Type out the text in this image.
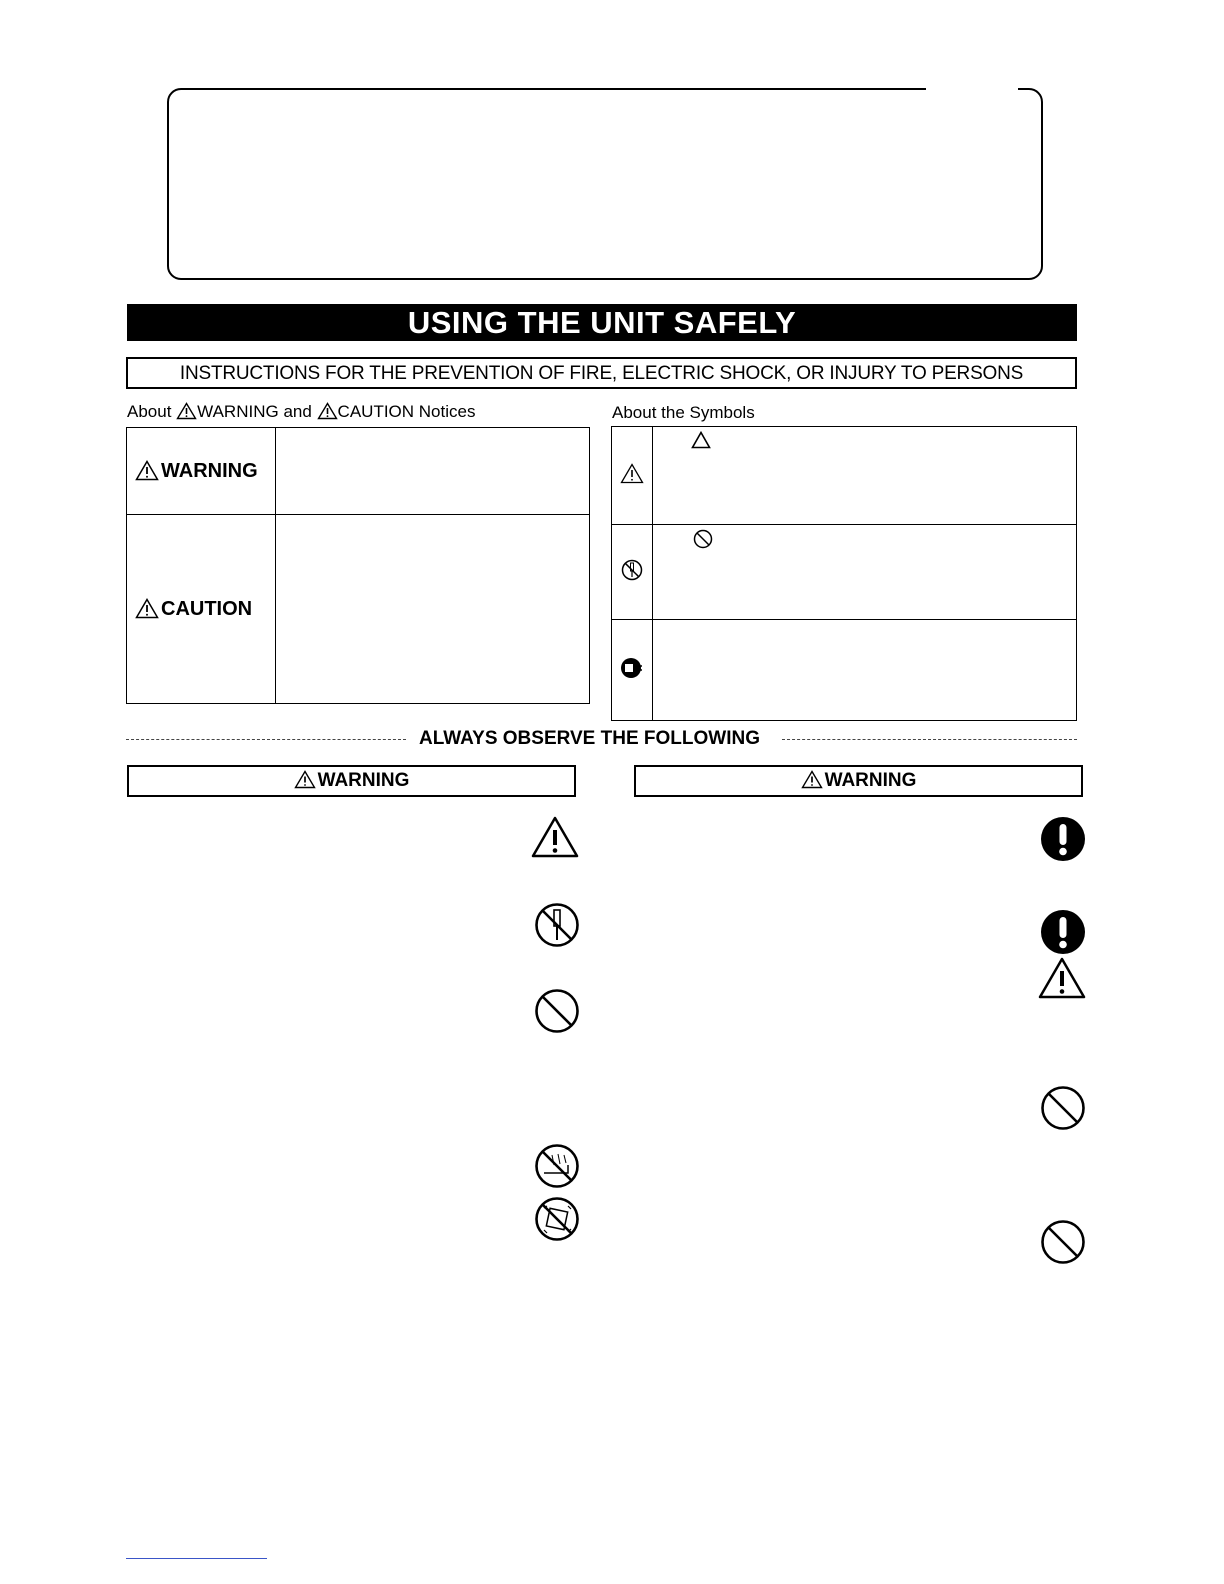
USING THE UNIT SAFELY
INSTRUCTIONS FOR THE PREVENTION OF FIRE, ELECTRIC SHOCK, OR INJURY TO PERSONS
About WARNING and CAUTION Notices
WARNING	
CAUTION	
About the Symbols

ALWAYS OBSERVE THE FOLLOWING
WARNING	WARNING
